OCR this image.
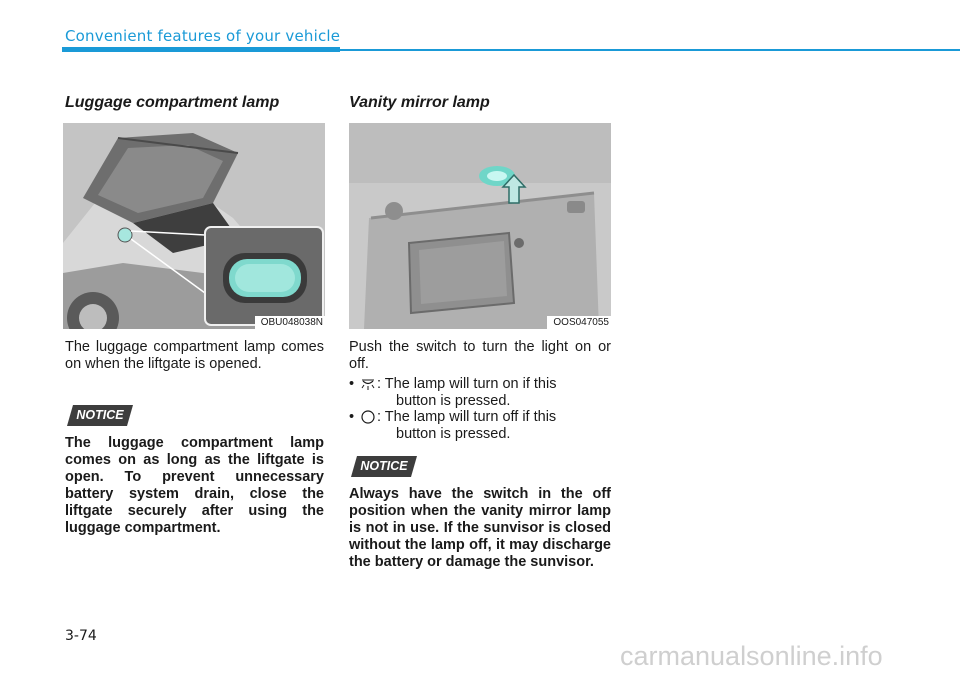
Convenient features of your vehicle
Luggage compartment lamp
OBU048038N
The luggage compartment lamp comes on when the liftgate is opened.
NOTICE
The luggage compartment lamp comes on as long as the liftgate is open. To prevent unnecessary battery system drain, close the liftgate securely after using the luggage compartment.
Vanity mirror lamp
OOS047055
Push the switch to turn the light on or off.
• : The lamp will turn on if this
button is pressed.
• : The lamp will turn off if this
button is pressed.
NOTICE
Always have the switch in the off position when the vanity mirror lamp is not in use. If the sunvisor is closed without the lamp off, it may discharge the battery or damage the sunvisor.
3-74
carmanualsonline.info
